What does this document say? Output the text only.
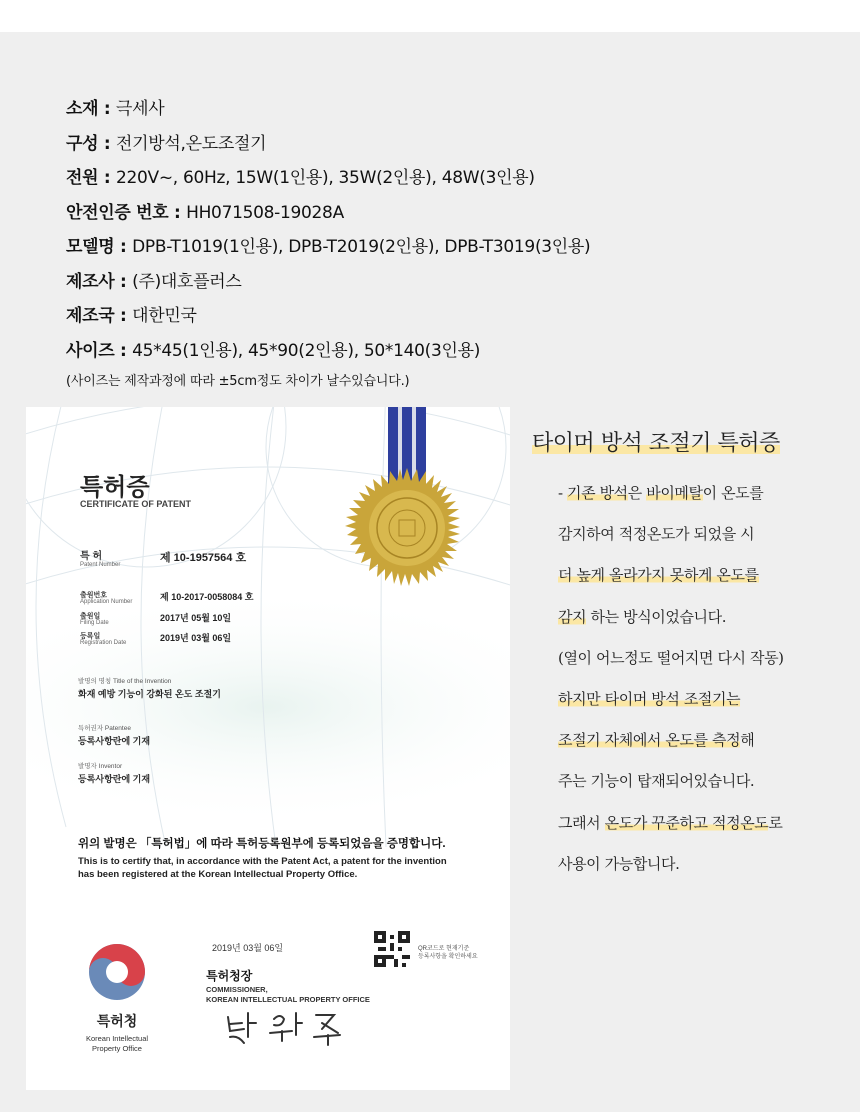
소재 : 극세사
구성 : 전기방석,온도조절기
전원 : 220V~, 60Hz, 15W(1인용), 35W(2인용), 48W(3인용)
안전인증 번호 : HH071508-19028A
모델명 : DPB-T1019(1인용), DPB-T2019(2인용), DPB-T3019(3인용)
제조사 : (주)대호플러스
제조국 : 대한민국
사이즈 : 45*45(1인용), 45*90(2인용), 50*140(3인용)
(사이즈는 제작과정에 따라 ±5cm정도 차이가 날수있습니다.)
특허증
CERTIFICATE OF PATENT
특 허
Patent Number
제 10-1957564 호
출원번호
Application Number	제 10-2017-0058084 호
출원일
Filing Date	2017년 05월 10일
등록일
Registration Date	2019년 03월 06일
발명의 명칭 Title of the Invention
화재 예방 기능이 강화된 온도 조절기
특허권자 Patentee
등록사항란에 기재
발명자 Inventor
등록사항란에 기재
위의 발명은 「특허법」에 따라 특허등록원부에 등록되었음을 증명합니다.
This is to certify that, in accordance with the Patent Act, a patent for the invention
has been registered at the Korean Intellectual Property Office.
2019년 03월 06일	QR코드로 현재기준
등록사항을 확인하세요
특허청장
COMMISSIONER,
KOREAN INTELLECTUAL PROPERTY OFFICE
특허청
Korean Intellectual
Property Office
타이머 방석 조절기 특허증
- 기존 방석은 바이메탈이 온도를
감지하여 적정온도가 되었을 시
더 높게 올라가지 못하게 온도를
감지 하는 방식이었습니다.
(열이 어느정도 떨어지면 다시 작동)
하지만 타이머 방석 조절기는
조절기 자체에서 온도를 측정해
주는 기능이 탑재되어있습니다.
그래서 온도가 꾸준하고 적정온도로
사용이 가능합니다.
